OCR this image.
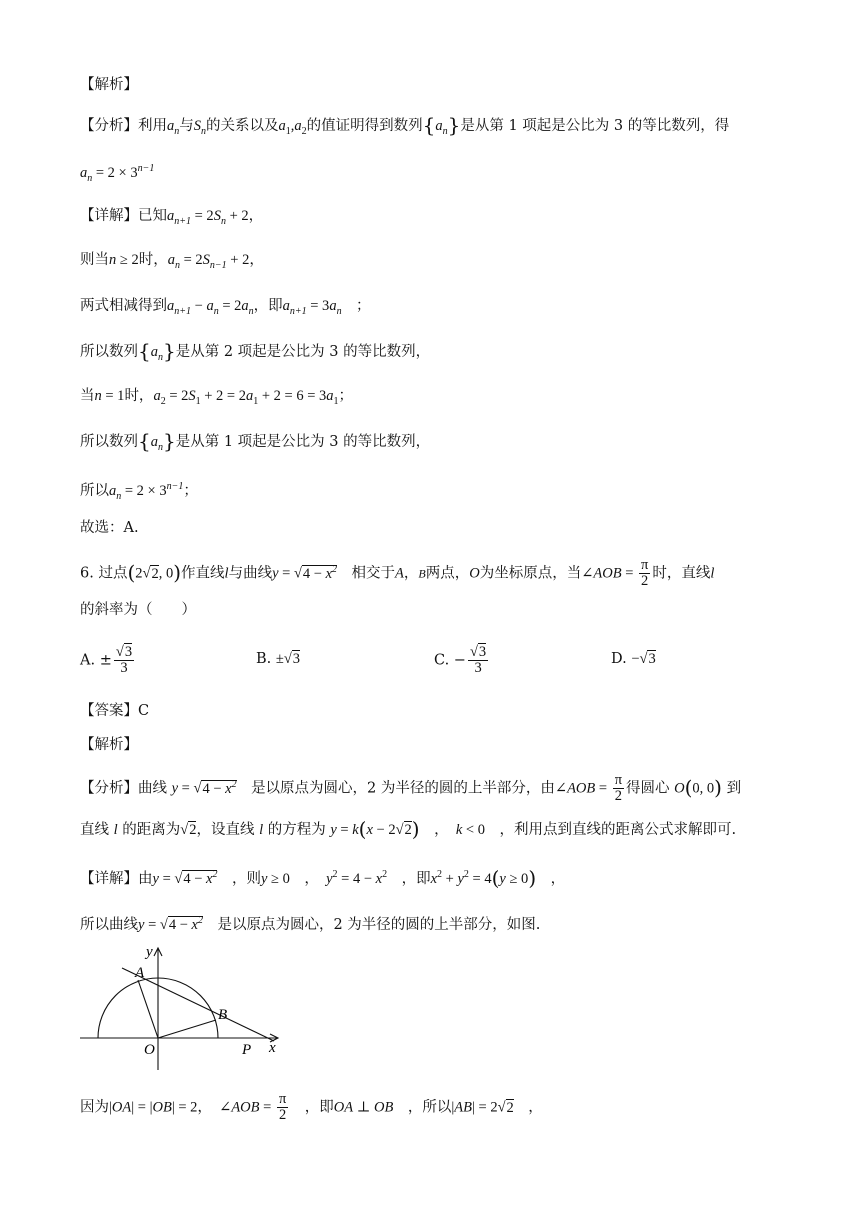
【解析】
【分析】利用$a_n$与$S_n$的关系以及$a_1,a_2$的值证明得到数列$\{a_n\}$是从第 1 项起是公比为 3 的等比数列，得
$a_n = 2 \times 3^{n-1}$
【详解】已知$a_{n+1} = 2S_n + 2$，
则当n ≥ 2时，$a_n = 2S_{n-1} + 2$，
两式相减得到$a_{n+1} - a_n = 2a_n$，即$a_{n+1} = 3a_n$　；
所以数列$\{a_n\}$是从第 2 项起是公比为 3 的等比数列，
当n = 1时，$a_2 = 2S_1 + 2 = 2a_1 + 2 = 6 = 3a_1$；
所以数列$\{a_n\}$是从第 1 项起是公比为 3 的等比数列，
所以$a_n = 2 \times 3^{n-1}$；
故选：A.
6. 过点(2√2, 0)作直线l与曲线$y = √4 - x^2$　 相交于A，B两点，O为坐标原点，当∠AOB = $\frac{\pi}{2}$ 时，直线l
的斜率为（　　）
A. ± $\frac{√3}{3}$	B. ±√3	C. − $\frac{√3}{3}$	D. −√3
【答案】C
【解析】
【分析】曲线 $y = √4 - x^2$　 是以原点为圆心，2 为半径的圆的上半部分，由∠AOB = $\frac{\pi}{2}$ 得圆心 O(0, 0) 到
直线 l 的距离为√2，设直线 l 的方程为 y = k(x − 2√2)　，　k < 0　 ，利用点到直线的距离公式求解即可.
【详解】由$y = √4 - x^2$　 ，则y ≥ 0　，　$y^2 = 4 - x^2$　 ，即$x^2 + y^2 = 4(y \ge 0)$　，
所以曲线$y = √4 - x^2$　 是以原点为圆心，2 为半径的圆的上半部分，如图.
y
A
B
O	P x
因为|OA| = |OB| = 2，　∠AOB = $\frac{\pi}{2}$
　 ，即OA ⊥ OB　 ，所以|AB| = 2√2　，
